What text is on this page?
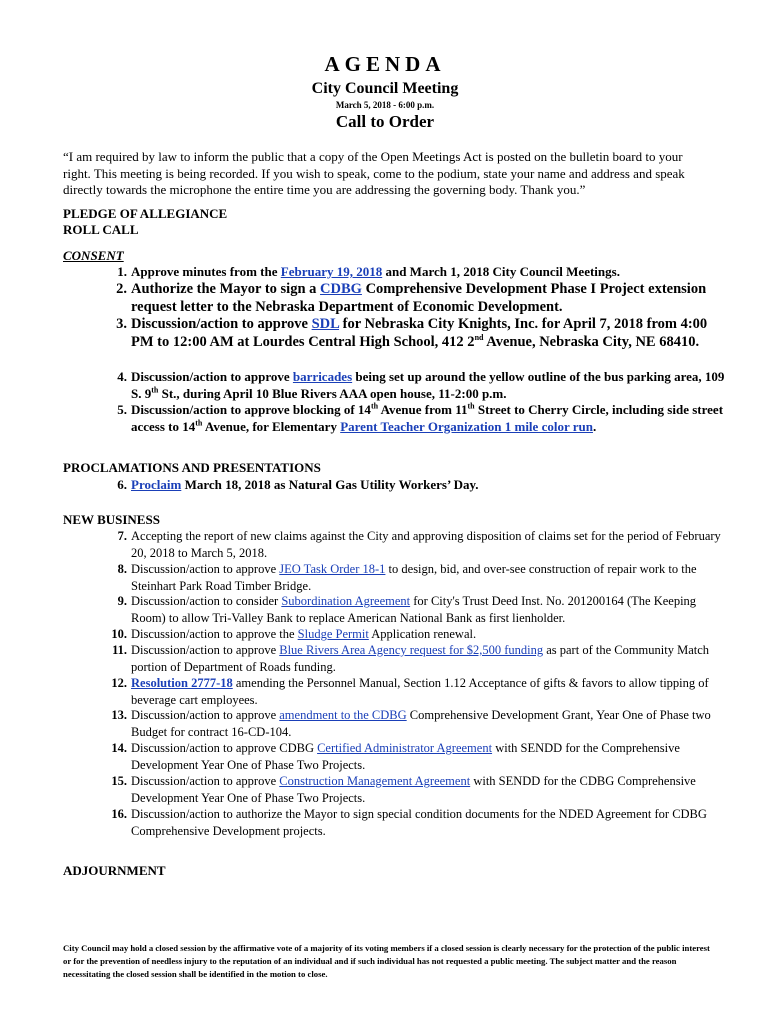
AGENDA
City Council Meeting
March 5, 2018 - 6:00 p.m.
Call to Order
“I am required by law to inform the public that a copy of the Open Meetings Act is posted on the bulletin board to your right. This meeting is being recorded. If you wish to speak, come to the podium, state your name and address and speak directly towards the microphone the entire time you are addressing the governing body. Thank you.”
PLEDGE OF ALLEGIANCE
ROLL CALL
CONSENT
1. Approve minutes from the February 19, 2018 and March 1, 2018 City Council Meetings.
2. Authorize the Mayor to sign a CDBG Comprehensive Development Phase I Project extension request letter to the Nebraska Department of Economic Development.
3. Discussion/action to approve SDL for Nebraska City Knights, Inc. for April 7, 2018 from 4:00 PM to 12:00 AM at Lourdes Central High School, 412 2nd Avenue, Nebraska City, NE 68410.
4. Discussion/action to approve barricades being set up around the yellow outline of the bus parking area, 109 S. 9th St., during April 10 Blue Rivers AAA open house, 11-2:00 p.m.
5. Discussion/action to approve blocking of 14th Avenue from 11th Street to Cherry Circle, including side street access to 14th Avenue, for Elementary Parent Teacher Organization 1 mile color run.
PROCLAMATIONS AND PRESENTATIONS
6. Proclaim March 18, 2018 as Natural Gas Utility Workers’ Day.
NEW BUSINESS
7. Accepting the report of new claims against the City and approving disposition of claims set for the period of February 20, 2018 to March 5, 2018.
8. Discussion/action to approve JEO Task Order 18-1 to design, bid, and over-see construction of repair work to the Steinhart Park Road Timber Bridge.
9. Discussion/action to consider Subordination Agreement for City's Trust Deed Inst. No. 201200164 (The Keeping Room) to allow Tri-Valley Bank to replace American National Bank as first lienholder.
10. Discussion/action to approve the Sludge Permit Application renewal.
11. Discussion/action to approve Blue Rivers Area Agency request for $2,500 funding as part of the Community Match portion of Department of Roads funding.
12. Resolution 2777-18 amending the Personnel Manual, Section 1.12 Acceptance of gifts & favors to allow tipping of beverage cart employees.
13. Discussion/action to approve amendment to the CDBG Comprehensive Development Grant, Year One of Phase two Budget for contract 16-CD-104.
14. Discussion/action to approve CDBG Certified Administrator Agreement with SENDD for the Comprehensive Development Year One of Phase Two Projects.
15. Discussion/action to approve Construction Management Agreement with SENDD for the CDBG Comprehensive Development Year One of Phase Two Projects.
16. Discussion/action to authorize the Mayor to sign special condition documents for the NDED Agreement for CDBG Comprehensive Development projects.
ADJOURNMENT
City Council may hold a closed session by the affirmative vote of a majority of its voting members if a closed session is clearly necessary for the protection of the public interest or for the prevention of needless injury to the reputation of an individual and if such individual has not requested a public meeting. The subject matter and the reason necessitating the closed session shall be identified in the motion to close.
